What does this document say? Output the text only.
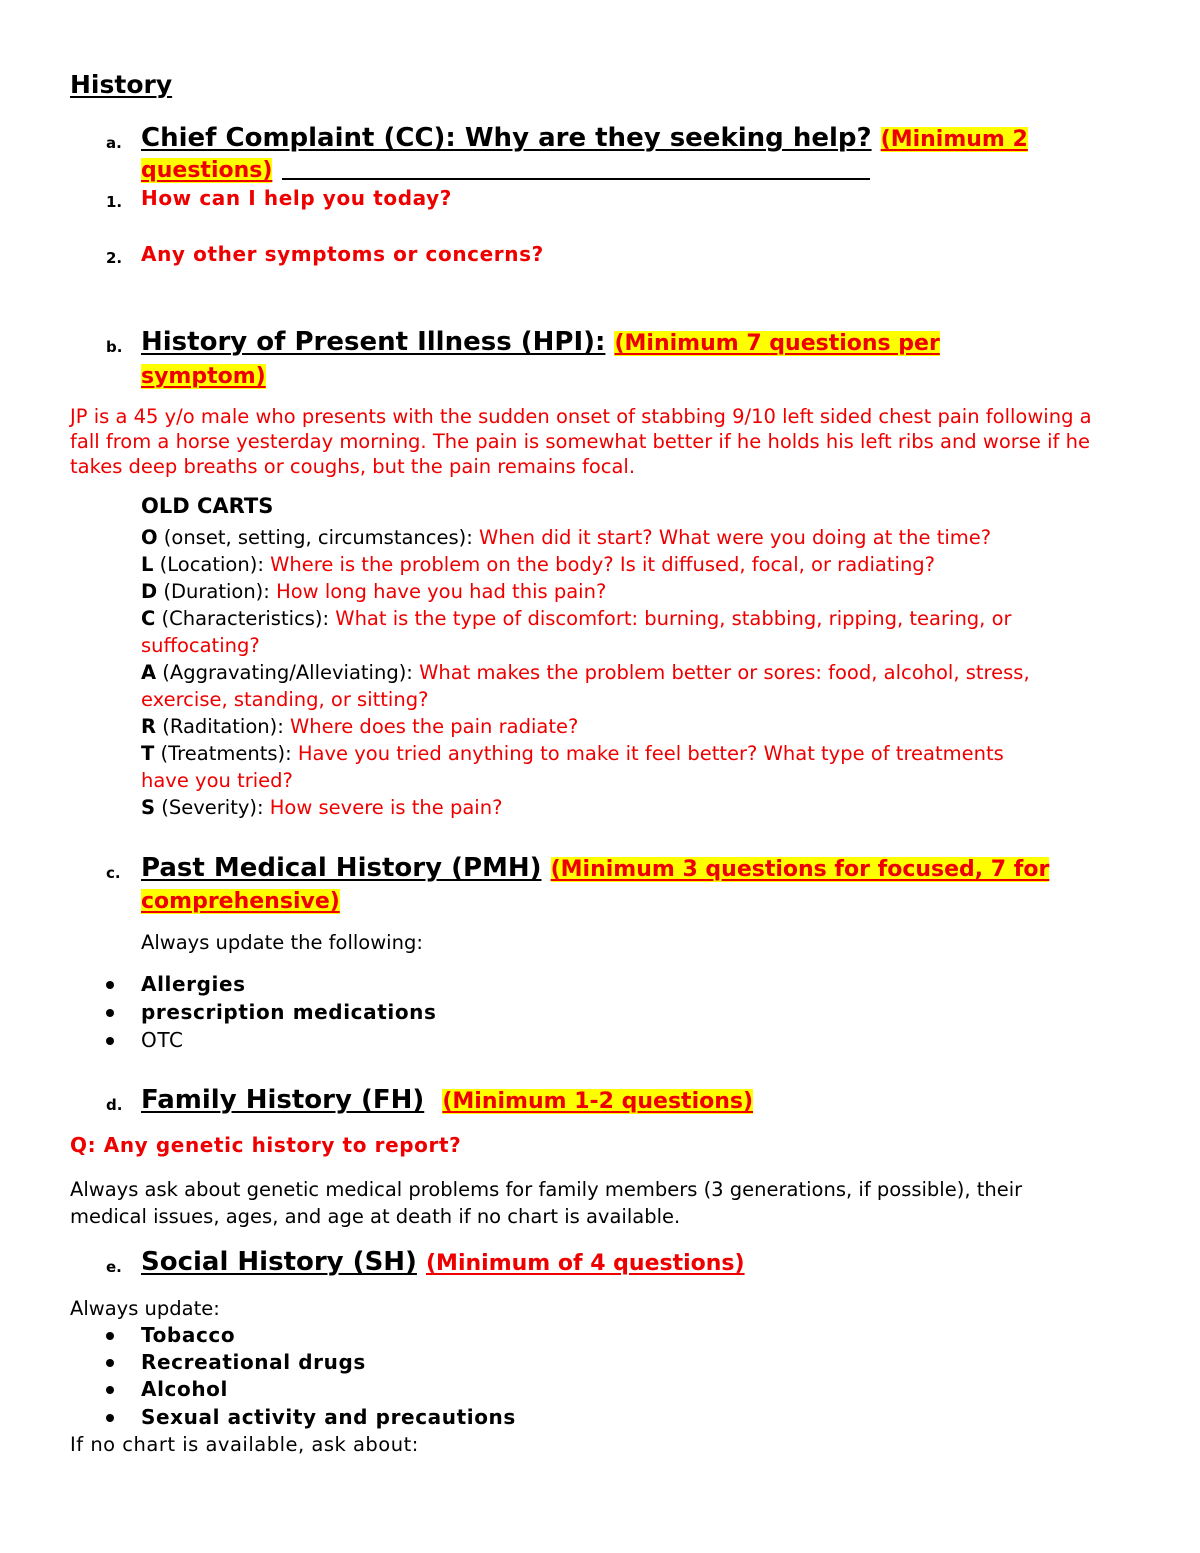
History
a. Chief Complaint (CC): Why are they seeking help? (Minimum 2
questions)
1. How can I help you today?
2. Any other symptoms or concerns?
b. History of Present Illness (HPI): (Minimum 7 questions per
symptom)
JP is a 45 y/o male who presents with the sudden onset of stabbing 9/10 left sided chest pain following a
fall from a horse yesterday morning. The pain is somewhat better if he holds his left ribs and worse if he
takes deep breaths or coughs, but the pain remains focal.
OLD CARTS
O (onset, setting, circumstances): When did it start? What were you doing at the time?
L (Location): Where is the problem on the body? Is it diffused, focal, or radiating?
D (Duration): How long have you had this pain?
C (Characteristics): What is the type of discomfort: burning, stabbing, ripping, tearing, or
suffocating?
A (Aggravating/Alleviating): What makes the problem better or sores: food, alcohol, stress,
exercise, standing, or sitting?
R (Raditation): Where does the pain radiate?
T (Treatments): Have you tried anything to make it feel better? What type of treatments
have you tried?
S (Severity): How severe is the pain?
c. Past Medical History (PMH) (Minimum 3 questions for focused, 7 for
comprehensive)
Always update the following:
Allergies
prescription medications
OTC
d. Family History (FH) (Minimum 1-2 questions)
Q: Any genetic history to report?
Always ask about genetic medical problems for family members (3 generations, if possible), their
medical issues, ages, and age at death if no chart is available.
e. Social History (SH) (Minimum of 4 questions)
Always update:
Tobacco
Recreational drugs
Alcohol
Sexual activity and precautions
If no chart is available, ask about:
